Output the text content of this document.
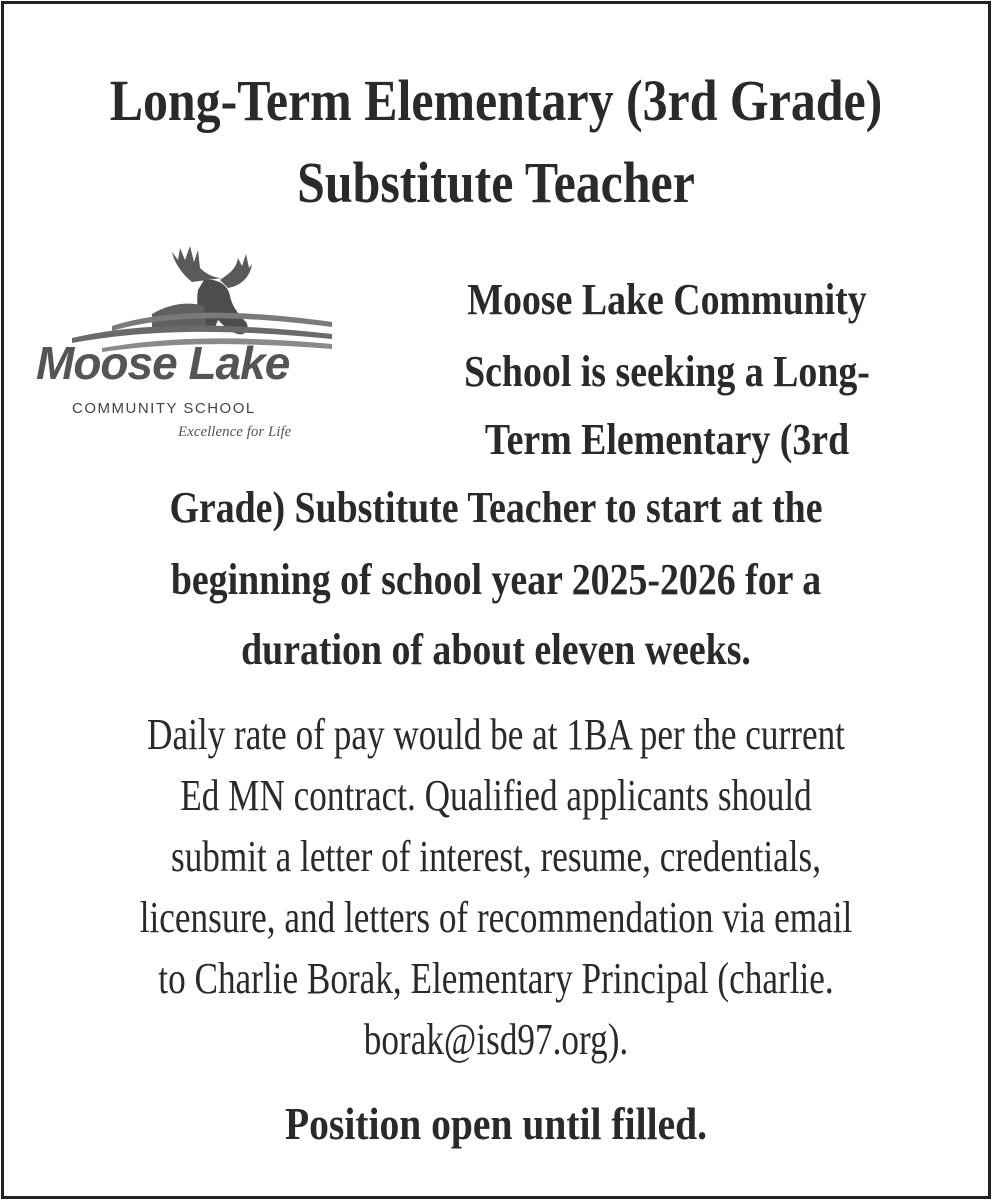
Long-Term Elementary (3rd Grade)
Substitute Teacher
Moose Lake
COMMUNITY SCHOOL
Excellence for Life
Moose Lake Community
School is seeking a Long-
Term Elementary (3rd
Grade) Substitute Teacher to start at the
beginning of school year 2025-2026 for a
duration of about eleven weeks.

Daily rate of pay would be at 1BA per the current
Ed MN contract. Qualified applicants should
submit a letter of interest, resume, credentials,
licensure, and letters of recommendation via email
to Charlie Borak, Elementary Principal (charlie.
borak@isd97.org).

Position open until filled.
